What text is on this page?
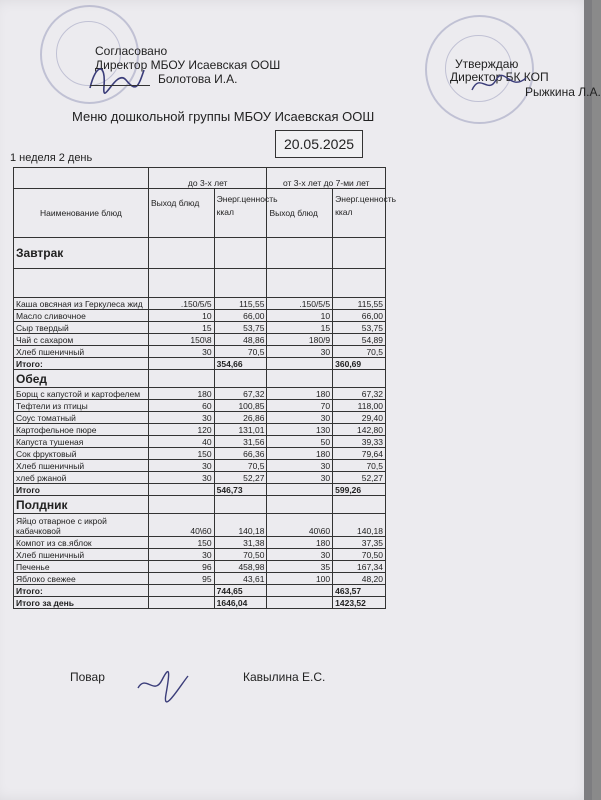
Согласовано
Директор МБОУ Исаевская ООШ
Болотова И.А.
Утверждаю
Директор БК КОП
Рыжкина Л.А.
Меню дошкольной группы МБОУ Исаевская ООШ
20.05.2025
1 неделя 2 день
	до 3-х лет		от 3-х лет до 7-ми лет	
Наименование блюд	Выход блюд	Энерг.ценность ккал	Выход блюд	Энерг.ценность ккал
Завтрак				

Каша овсяная из Геркулеса жид	.150/5/5	115,55	.150/5/5	115,55
Масло сливочное	10	66,00	10	66,00
Сыр твердый	15	53,75	15	53,75
Чай с сахаром	150\8	48,86	180/9	54,89
Хлеб пшеничный	30	70,5	30	70,5
Итого:		354,66		360,69
Обед				
Борщ с капустой и картофелем	180	67,32	180	67,32
Тефтели из птицы	60	100,85	70	118,00
Соус томатный	30	26,86	30	29,40
Картофельное пюре	120	131,01	130	142,80
Капуста тушеная	40	31,56	50	39,33
Сок фруктовый	150	66,36	180	79,64
Хлеб пшеничный	30	70,5	30	70,5
хлеб ржаной	30	52,27	30	52,27
Итого		546,73		599,26
Полдник				
Яйцо отварное с икрой кабачковой	40\60	140,18	40\60	140,18
Компот из св.яблок	150	31,38	180	37,35
Хлеб пшеничный	30	70,50	30	70,50
Печенье	96	458,98	35	167,34
Яблоко свежее	95	43,61	100	48,20
Итого:		744,65		463,57
Итого за день		1646,04		1423,52
Повар	Кавылина Е.С.
